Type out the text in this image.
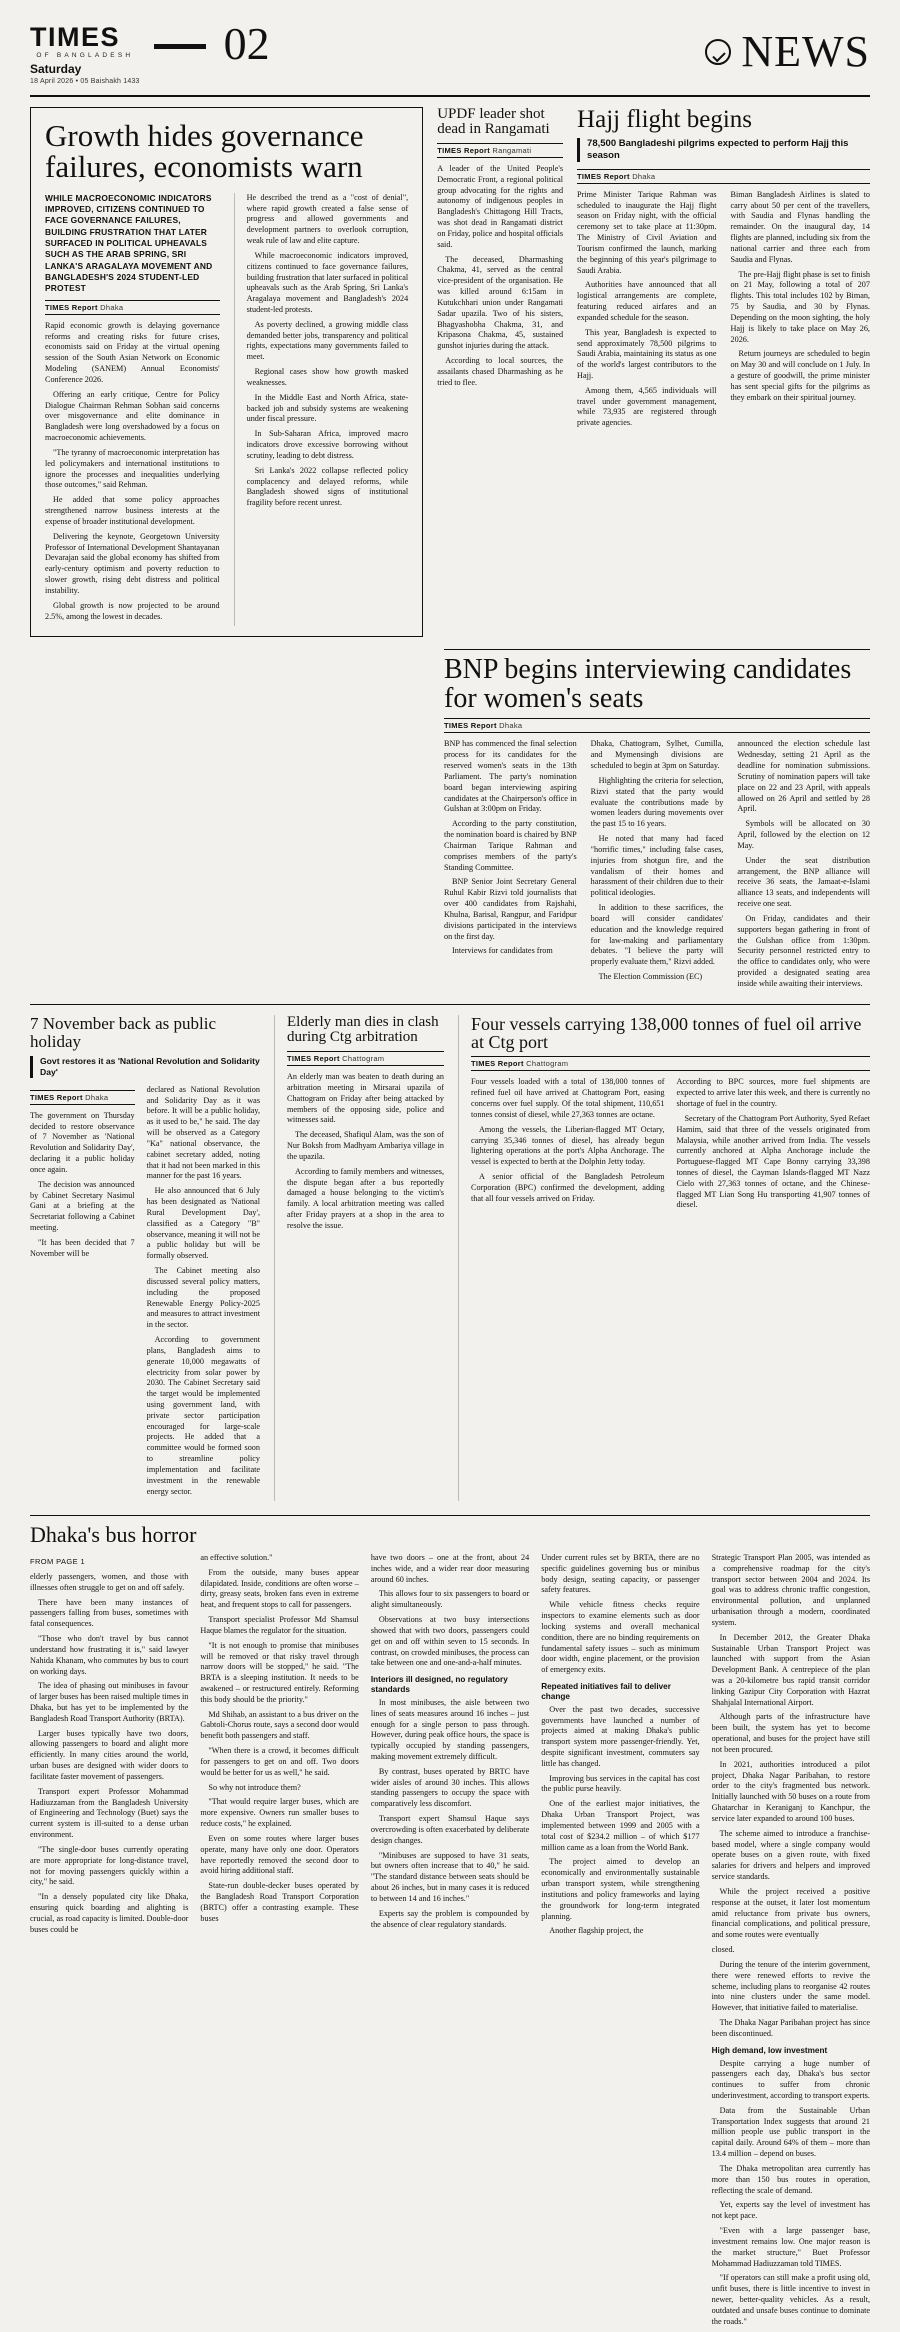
TIMES
OF BANGLADESH
Saturday
18 April 2026 • 05 Baishakh 1433
02	NEWS
Growth hides governance failures, economists warn
WHILE MACROECONOMIC INDICATORS IMPROVED, CITIZENS CONTINUED TO FACE GOVERNANCE FAILURES, BUILDING FRUSTRATION THAT LATER SURFACED IN POLITICAL UPHEAVALS SUCH AS THE ARAB SPRING, SRI LANKA'S ARAGALAYA MOVEMENT AND BANGLADESH'S 2024 STUDENT-LED PROTEST
TIMES Report Dhaka

Rapid economic growth is delaying governance reforms and creating risks for future crises, economists said on Friday at the virtual opening session of the South Asian Network on Economic Modeling (SANEM) Annual Economists' Conference 2026.

Offering an early critique, Centre for Policy Dialogue Chairman Rehman Sobhan said concerns over misgovernance and elite dominance in Bangladesh were long overshadowed by a focus on macroeconomic achievements.

"The tyranny of macroeconomic interpretation has led policymakers and international institutions to ignore the processes and inequalities underlying those outcomes," said Rehman.

He added that some policy approaches strengthened narrow business interests at the expense of broader institutional development.

Delivering the keynote, Georgetown University Professor of International Development Shantayanan Devarajan said the global economy has shifted from early-century optimism and poverty reduction to slower growth, rising debt distress and political instability.

Global growth is now projected to be around 2.5%, among the lowest in decades.

He described the trend as a "cost of denial", where rapid growth created a false sense of progress and allowed governments and development partners to overlook corruption, weak rule of law and elite capture.

While macroeconomic indicators improved, citizens continued to face governance failures, building frustration that later surfaced in political upheavals such as the Arab Spring, Sri Lanka's Aragalaya movement and Bangladesh's 2024 student-led protests.

As poverty declined, a growing middle class demanded better jobs, transparency and political rights, expectations many governments failed to meet.

Regional cases show how growth masked weaknesses.

In the Middle East and North Africa, state-backed job and subsidy systems are weakening under fiscal pressure.

In Sub-Saharan Africa, improved macro indicators drove excessive borrowing without scrutiny, leading to debt distress.

Sri Lanka's 2022 collapse reflected policy complacency and delayed reforms, while Bangladesh showed signs of institutional fragility before recent unrest.

UPDF leader shot dead in Rangamati
TIMES Report Rangamati

A leader of the United People's Democratic Front, a regional political group advocating for the rights and autonomy of indigenous peoples in Bangladesh's Chittagong Hill Tracts, was shot dead in Rangamati district on Friday, police and hospital officials said.

The deceased, Dharmashing Chakma, 41, served as the central vice-president of the organisation. He was killed around 6:15am in Kutukchhari union under Rangamati Sadar upazila. Two of his sisters, Bhagyashobha Chakma, 31, and Kripasona Chakma, 45, sustained gunshot injuries during the attack.

According to local sources, the assailants chased Dharmashing as he tried to flee.

Hajj flight begins
78,500 Bangladeshi pilgrims expected to perform Hajj this season
TIMES Report Dhaka

Prime Minister Tarique Rahman was scheduled to inaugurate the Hajj flight season on Friday night, with the official ceremony set to take place at 11:30pm. The Ministry of Civil Aviation and Tourism confirmed the launch, marking the beginning of this year's pilgrimage to Saudi Arabia.

Authorities have announced that all logistical arrangements are complete, featuring reduced airfares and an expanded schedule for the season.

This year, Bangladesh is expected to send approximately 78,500 pilgrims to Saudi Arabia, maintaining its status as one of the world's largest contributors to the Hajj.

Among them, 4,565 individuals will travel under government management, while 73,935 are registered through private agencies.

Biman Bangladesh Airlines is slated to carry about 50 per cent of the travellers, with Saudia and Flynas handling the remainder. On the inaugural day, 14 flights are planned, including six from the national carrier and three each from Saudia and Flynas.

The pre-Hajj flight phase is set to finish on 21 May, following a total of 207 flights. This total includes 102 by Biman, 75 by Saudia, and 30 by Flynas. Depending on the moon sighting, the holy Hajj is likely to take place on May 26, 2026.

Return journeys are scheduled to begin on May 30 and will conclude on 1 July. In a gesture of goodwill, the prime minister has sent special gifts for the pilgrims as they embark on their spiritual journey.

BNP begins interviewing candidates for women's seats
TIMES Report Dhaka

BNP has commenced the final selection process for its candidates for the reserved women's seats in the 13th Parliament. The party's nomination board began interviewing aspiring candidates at the Chairperson's office in Gulshan at 3:00pm on Friday.

According to the party constitution, the nomination board is chaired by BNP Chairman Tarique Rahman and comprises members of the party's Standing Committee.

BNP Senior Joint Secretary General Ruhul Kabir Rizvi told journalists that over 400 candidates from Rajshahi, Khulna, Barisal, Rangpur, and Faridpur divisions participated in the interviews on the first day.

Interviews for candidates from

Dhaka, Chattogram, Sylhet, Cumilla, and Mymensingh divisions are scheduled to begin at 3pm on Saturday.

Highlighting the criteria for selection, Rizvi stated that the party would evaluate the contributions made by women leaders during movements over the past 15 to 16 years.

He noted that many had faced "horrific times," including false cases, injuries from shotgun fire, and the vandalism of their homes and harassment of their children due to their political ideologies.

In addition to these sacrifices, the board will consider candidates' education and the knowledge required for law-making and parliamentary debates. "I believe the party will properly evaluate them," Rizvi added.

The Election Commission (EC)

announced the election schedule last Wednesday, setting 21 April as the deadline for nomination submissions. Scrutiny of nomination papers will take place on 22 and 23 April, with appeals allowed on 26 April and settled by 28 April.

Symbols will be allocated on 30 April, followed by the election on 12 May.

Under the seat distribution arrangement, the BNP alliance will receive 36 seats, the Jamaat-e-Islami alliance 13 seats, and independents will receive one seat.

On Friday, candidates and their supporters began gathering in front of the Gulshan office from 1:30pm. Security personnel restricted entry to the office to candidates only, who were provided a designated seating area inside while awaiting their interviews.

7 November back as public holiday
Govt restores it as 'National Revolution and Solidarity Day'
TIMES Report Dhaka

The government on Thursday decided to restore observance of 7 November as 'National Revolution and Solidarity Day', declaring it a public holiday once again.

The decision was announced by Cabinet Secretary Nasimul Gani at a briefing at the Secretariat following a Cabinet meeting.

"It has been decided that 7 November will be

declared as National Revolution and Solidarity Day as it was before. It will be a public holiday, as it used to be," he said. The day will be observed as a Category "Ka" national observance, the cabinet secretary added, noting that it had not been marked in this manner for the past 16 years.

He also announced that 6 July has been designated as 'National Rural Development Day', classified as a Category "B" observance, meaning it will not be a public holiday but will be formally observed.

The Cabinet meeting also discussed several policy matters, including the proposed Renewable Energy Policy-2025 and measures to attract investment in the sector.

According to government plans, Bangladesh aims to generate 10,000 megawatts of electricity from solar power by 2030. The Cabinet Secretary said the target would be implemented using government land, with private sector participation encouraged for large-scale projects. He added that a committee would be formed soon to streamline policy implementation and facilitate investment in the renewable energy sector.

Elderly man dies in clash during Ctg arbitration
TIMES Report Chattogram

An elderly man was beaten to death during an arbitration meeting in Mirsarai upazila of Chattogram on Friday after being attacked by members of the opposing side, police and witnesses said.

The deceased, Shafiqul Alam, was the son of Nur Boksh from Madhyam Ambariya village in the upazila.

According to family members and witnesses, the dispute began after a bus reportedly damaged a house belonging to the victim's family. A local arbitration meeting was called after Friday prayers at a shop in the area to resolve the issue.

Four vessels carrying 138,000 tonnes of fuel oil arrive at Ctg port
TIMES Report Chattogram

Four vessels loaded with a total of 138,000 tonnes of refined fuel oil have arrived at Chattogram Port, easing concerns over fuel supply. Of the total shipment, 110,651 tonnes consist of diesel, while 27,363 tonnes are octane.

Among the vessels, the Liberian-flagged MT Octary, carrying 35,346 tonnes of diesel, has already begun lightering operations at the port's Alpha Anchorage. The vessel is expected to berth at the Dolphin Jetty today.

A senior official of the Bangladesh Petroleum Corporation (BPC) confirmed the development, adding that all four vessels arrived on Friday.

According to BPC sources, more fuel shipments are expected to arrive later this week, and there is currently no shortage of fuel in the country.

Secretary of the Chattogram Port Authority, Syed Refaet Hamim, said that three of the vessels originated from Malaysia, while another arrived from India. The vessels currently anchored at Alpha Anchorage include the Portuguese-flagged MT Cape Bonny carrying 33,398 tonnes of diesel, the Cayman Islands-flagged MT Nazz Cielo with 27,363 tonnes of octane, and the Chinese-flagged MT Lian Song Hu transporting 41,907 tonnes of diesel.

Dhaka's bus horror
FROM PAGE 1

elderly passengers, women, and those with illnesses often struggle to get on and off safely.

There have been many instances of passengers falling from buses, sometimes with fatal consequences.

"Those who don't travel by bus cannot understand how frustrating it is," said lawyer Nahida Khanam, who commutes by bus to court on working days.

The idea of phasing out minibuses in favour of larger buses has been raised multiple times in Dhaka, but has yet to be implemented by the Bangladesh Road Transport Authority (BRTA).

Larger buses typically have two doors, allowing passengers to board and alight more efficiently. In many cities around the world, urban buses are designed with wider doors to facilitate faster movement of passengers.

Transport expert Professor Mohammad Hadiuzzaman from the Bangladesh University of Engineering and Technology (Buet) says the current system is ill-suited to a dense urban environment.

"The single-door buses currently operating are more appropriate for long-distance travel, not for moving passengers quickly within a city," he said.

"In a densely populated city like Dhaka, ensuring quick boarding and alighting is crucial, as road capacity is limited. Double-door buses could be

an effective solution."

From the outside, many buses appear dilapidated. Inside, conditions are often worse – dirty, greasy seats, broken fans even in extreme heat, and frequent stops to call for passengers.

Transport specialist Professor Md Shamsul Haque blames the regulator for the situation.

"It is not enough to promise that minibuses will be removed or that risky travel through narrow doors will be stopped," he said. "The BRTA is a sleeping institution. It needs to be awakened – or restructured entirely. Reforming this body should be the priority."

Md Shihab, an assistant to a bus driver on the Gabtoli-Chorus route, says a second door would benefit both passengers and staff.

"When there is a crowd, it becomes difficult for passengers to get on and off. Two doors would be better for us as well," he said.

So why not introduce them?

"That would require larger buses, which are more expensive. Owners run smaller buses to reduce costs," he explained.

Even on some routes where larger buses operate, many have only one door. Operators have reportedly removed the second door to avoid hiring additional staff.

State-run double-decker buses operated by the Bangladesh Road Transport Corporation (BRTC) offer a contrasting example. These buses

have two doors – one at the front, about 24 inches wide, and a wider rear door measuring around 60 inches.

This allows four to six passengers to board or alight simultaneously.

Observations at two busy intersections showed that with two doors, passengers could get on and off within seven to 15 seconds. In contrast, on crowded minibuses, the process can take between one and one-and-a-half minutes.

Interiors ill designed, no regulatory standards

In most minibuses, the aisle between two lines of seats measures around 16 inches – just enough for a single person to pass through. However, during peak office hours, the space is typically occupied by standing passengers, making movement extremely difficult.

By contrast, buses operated by BRTC have wider aisles of around 30 inches. This allows standing passengers to occupy the space with comparatively less discomfort.

Transport expert Shamsul Haque says overcrowding is often exacerbated by deliberate design changes.

"Minibuses are supposed to have 31 seats, but owners often increase that to 40," he said. "The standard distance between seats should be about 26 inches, but in many cases it is reduced to between 14 and 16 inches."

Experts say the problem is compounded by the absence of clear regulatory standards.

Under current rules set by BRTA, there are no specific guidelines governing bus or minibus body design, seating capacity, or passenger safety features.

While vehicle fitness checks require inspectors to examine elements such as door locking systems and overall mechanical condition, there are no binding requirements on fundamental safety issues – such as minimum door width, engine placement, or the provision of emergency exits.

Repeated initiatives fail to deliver change

Over the past two decades, successive governments have launched a number of projects aimed at making Dhaka's public transport system more passenger-friendly. Yet, despite significant investment, commuters say little has changed.

Improving bus services in the capital has cost the public purse heavily.

One of the earliest major initiatives, the Dhaka Urban Transport Project, was implemented between 1999 and 2005 with a total cost of $234.2 million – of which $177 million came as a loan from the World Bank.

The project aimed to develop an economically and environmentally sustainable urban transport system, while strengthening institutions and policy frameworks and laying the groundwork for long-term integrated planning.

Another flagship project, the

Strategic Transport Plan 2005, was intended as a comprehensive roadmap for the city's transport sector between 2004 and 2024. Its goal was to address chronic traffic congestion, environmental pollution, and unplanned urbanisation through a modern, coordinated system.

In December 2012, the Greater Dhaka Sustainable Urban Transport Project was launched with support from the Asian Development Bank. A centrepiece of the plan was a 20-kilometre bus rapid transit corridor linking Gazipur City Corporation with Hazrat Shahjalal International Airport.

Although parts of the infrastructure have been built, the system has yet to become operational, and buses for the project have still not been procured.

In 2021, authorities introduced a pilot project, Dhaka Nagar Paribahan, to restore order to the city's fragmented bus network. Initially launched with 50 buses on a route from Ghatarchar in Keraniganj to Kanchpur, the service later expanded to around 100 buses.

The scheme aimed to introduce a franchise-based model, where a single company would operate buses on a given route, with fixed salaries for drivers and helpers and improved service standards.

While the project received a positive response at the outset, it later lost momentum amid reluctance from private bus owners, financial complications, and political pressure, and some routes were eventually

closed.

During the tenure of the interim government, there were renewed efforts to revive the scheme, including plans to reorganise 42 routes into nine clusters under the same model. However, that initiative failed to materialise.

The Dhaka Nagar Paribahan project has since been discontinued.

High demand, low investment

Despite carrying a huge number of passengers each day, Dhaka's bus sector continues to suffer from chronic underinvestment, according to transport experts.

Data from the Sustainable Urban Transportation Index suggests that around 21 million people use public transport in the capital daily. Around 64% of them – more than 13.4 million – depend on buses.

The Dhaka metropolitan area currently has more than 150 bus routes in operation, reflecting the scale of demand.

Yet, experts say the level of investment has not kept pace.

"Even with a large passenger base, investment remains low. One major reason is the market structure," Buet Professor Mohammad Hadiuzzaman told TIMES.

"If operators can still make a profit using old, unfit buses, there is little incentive to invest in newer, better-quality vehicles. As a result, outdated and unsafe buses continue to dominate the roads."
